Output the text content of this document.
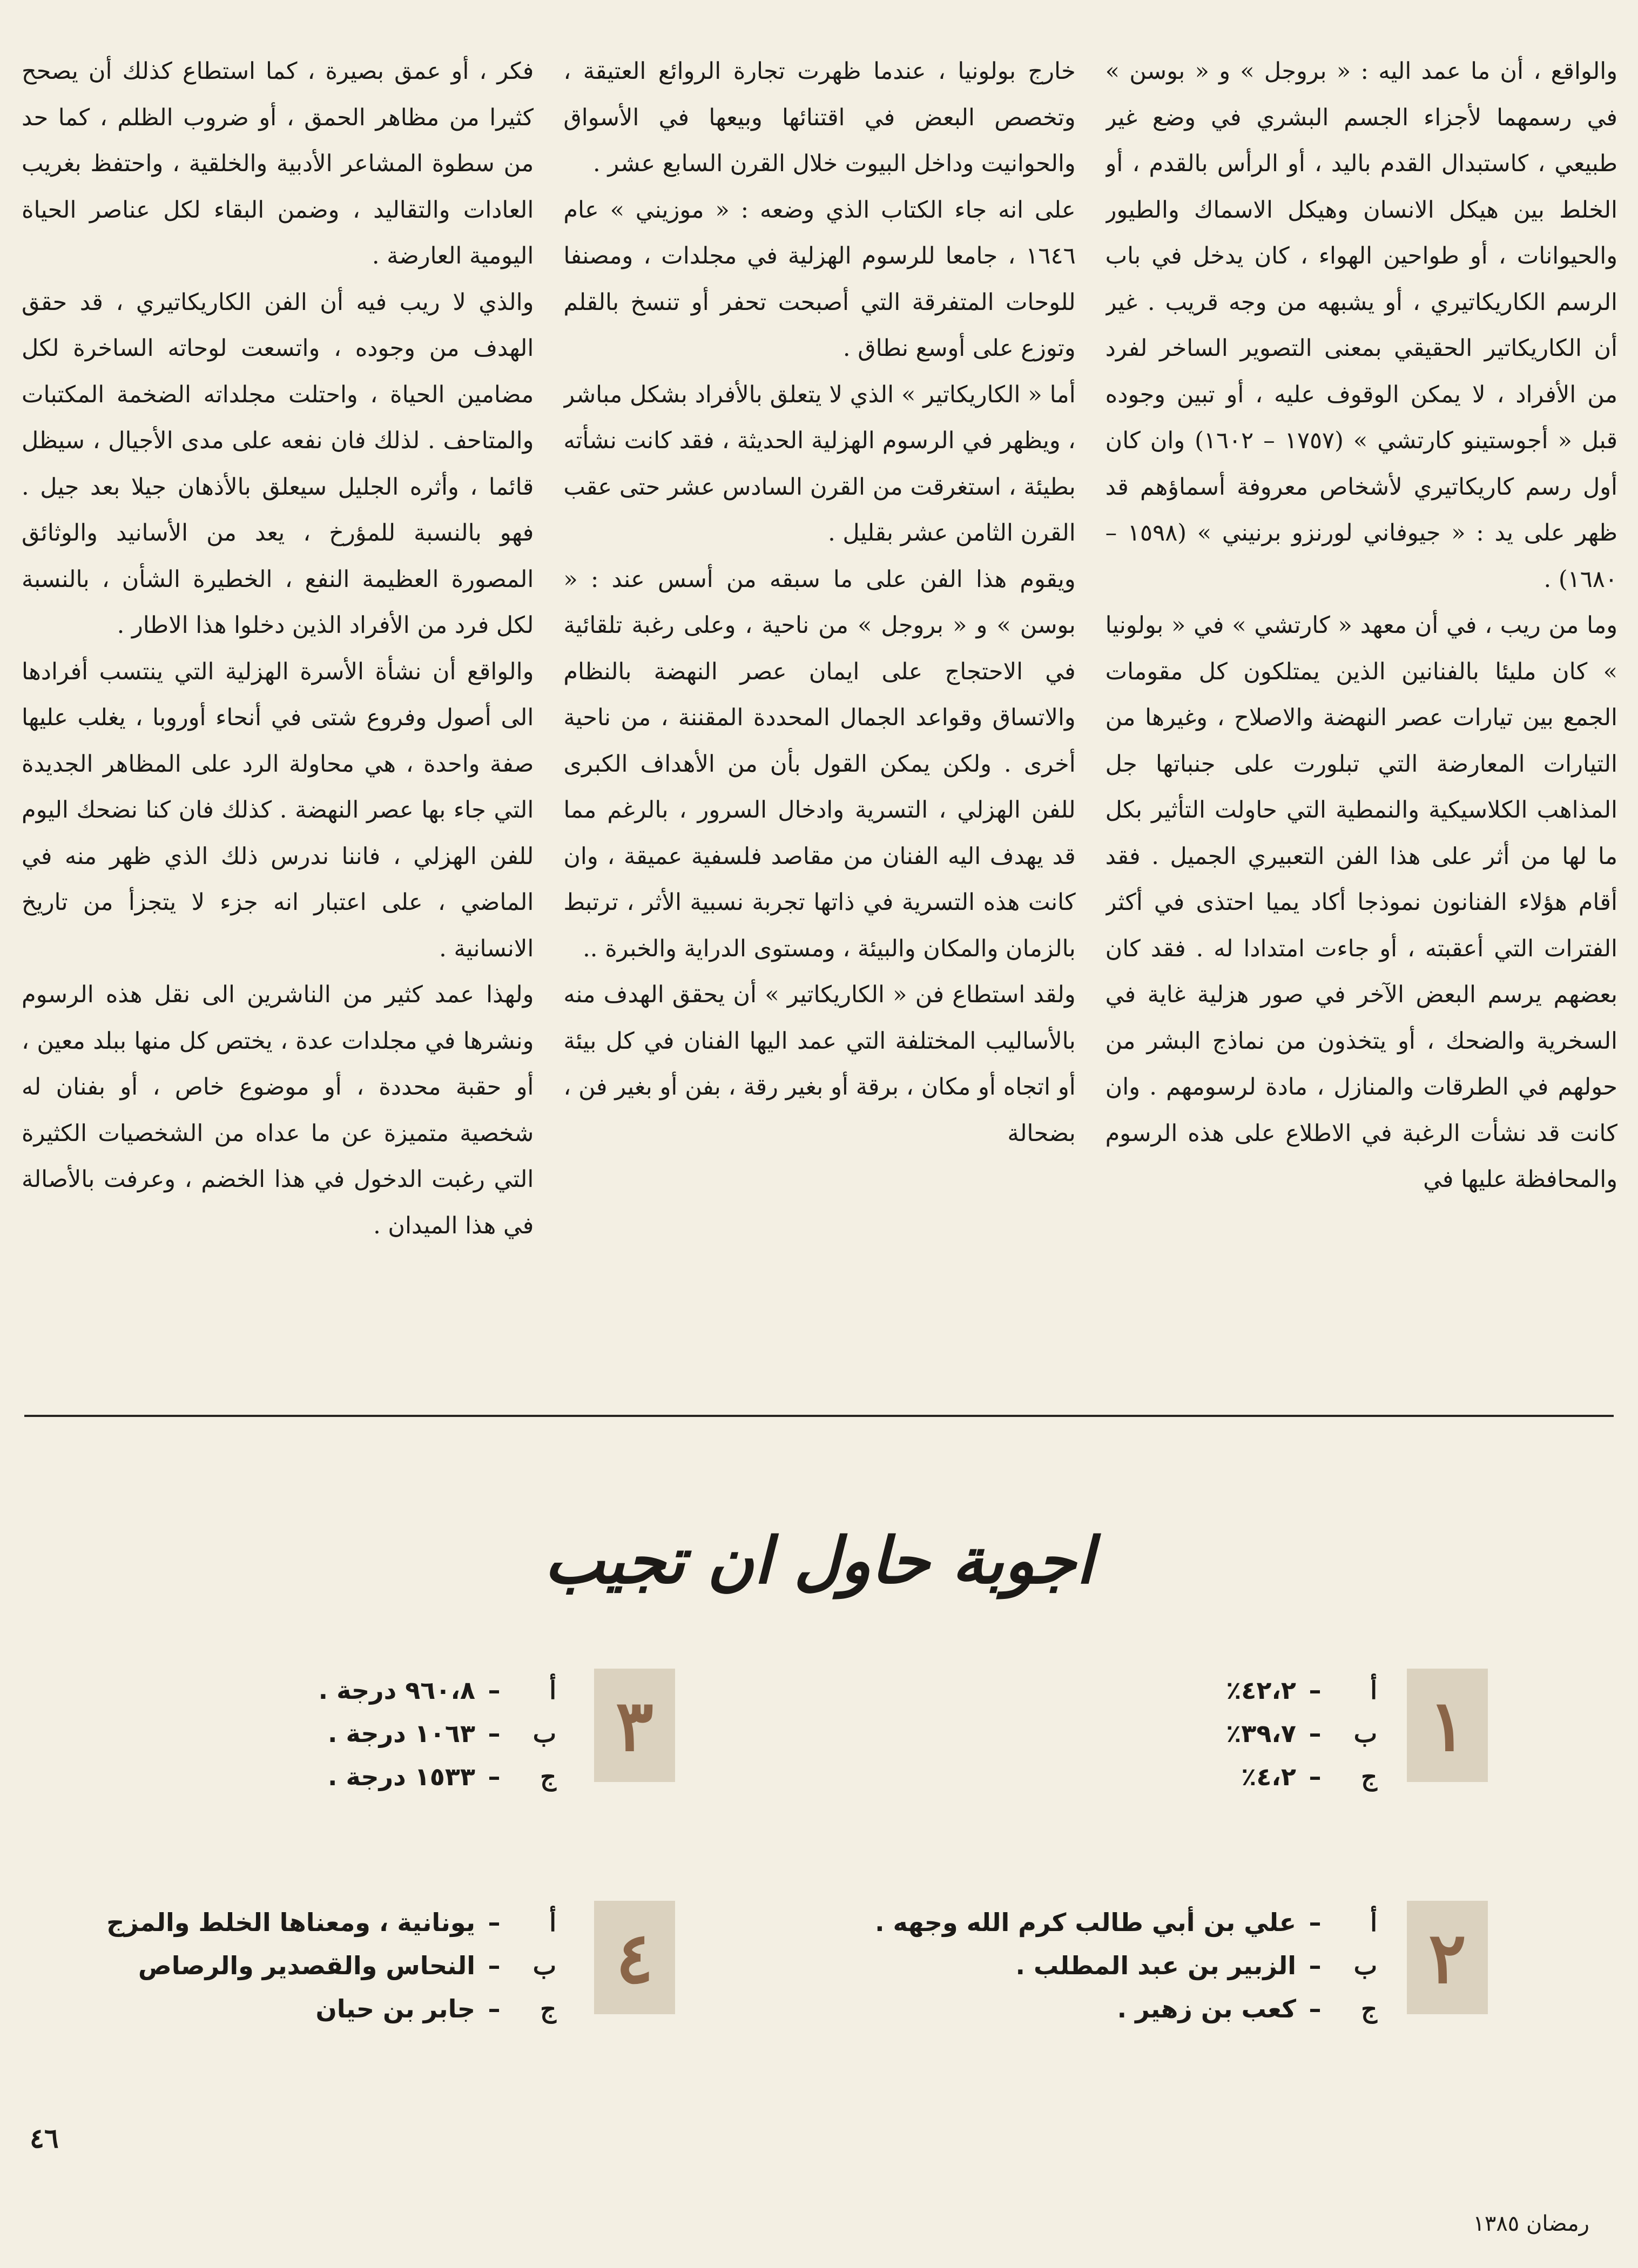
والواقع ، أن ما عمد اليه : « بروجل » و « بوسن » في رسمهما لأجزاء الجسم البشري في وضع غير طبيعي ، كاستبدال القدم باليد ، أو الرأس بالقدم ، أو الخلط بين هيكل الانسان وهيكل الاسماك والطيور والحيوانات ، أو طواحين الهواء ، كان يدخل في باب الرسم الكاريكاتيري ، أو يشبهه من وجه قريب . غير أن الكاريكاتير الحقيقي بمعنى التصوير الساخر لفرد من الأفراد ، لا يمكن الوقوف عليه ، أو تبين وجوده قبل « أجوستينو كارتشي » (١٧٥٧ – ١٦٠٢) وان كان أول رسم كاريكاتيري لأشخاص معروفة أسماؤهم قد ظهر على يد : « جيوفاني لورنزو برنيني » (١٥٩٨ – ١٦٨٠) .

وما من ريب ، في أن معهد « كارتشي » في « بولونيا » كان مليئا بالفنانين الذين يمتلكون كل مقومات الجمع بين تيارات عصر النهضة والاصلاح ، وغيرها من التيارات المعارضة التي تبلورت على جنباتها جل المذاهب الكلاسيكية والنمطية التي حاولت التأثير بكل ما لها من أثر على هذا الفن التعبيري الجميل . فقد أقام هؤلاء الفنانون نموذجا أكاد يميا احتذى في أكثر الفترات التي أعقبته ، أو جاءت امتدادا له . فقد كان بعضهم يرسم البعض الآخر في صور هزلية غاية في السخرية والضحك ، أو يتخذون من نماذج البشر من حولهم في الطرقات والمنازل ، مادة لرسومهم . وان كانت قد نشأت الرغبة في الاطلاع على هذه الرسوم والمحافظة عليها في

خارج بولونيا ، عندما ظهرت تجارة الروائع العتيقة ، وتخصص البعض في اقتنائها وبيعها في الأسواق والحوانيت وداخل البيوت خلال القرن السابع عشر .

على انه جاء الكتاب الذي وضعه : « موزيني » عام ١٦٤٦ ، جامعا للرسوم الهزلية في مجلدات ، ومصنفا للوحات المتفرقة التي أصبحت تحفر أو تنسخ بالقلم وتوزع على أوسع نطاق .

أما « الكاريكاتير » الذي لا يتعلق بالأفراد بشكل مباشر ، ويظهر في الرسوم الهزلية الحديثة ، فقد كانت نشأته بطيئة ، استغرقت من القرن السادس عشر حتى عقب القرن الثامن عشر بقليل .

ويقوم هذا الفن على ما سبقه من أسس عند : « بوسن » و « بروجل » من ناحية ، وعلى رغبة تلقائية في الاحتجاج على ايمان عصر النهضة بالنظام والاتساق وقواعد الجمال المحددة المقننة ، من ناحية أخرى . ولكن يمكن القول بأن من الأهداف الكبرى للفن الهزلي ، التسرية وادخال السرور ، بالرغم مما قد يهدف اليه الفنان من مقاصد فلسفية عميقة ، وان كانت هذه التسرية في ذاتها تجربة نسبية الأثر ، ترتبط بالزمان والمكان والبيئة ، ومستوى الدراية والخبرة ..

ولقد استطاع فن « الكاريكاتير » أن يحقق الهدف منه بالأساليب المختلفة التي عمد اليها الفنان في كل بيئة أو اتجاه أو مكان ، برقة أو بغير رقة ، بفن أو بغير فن ، بضحالة

فكر ، أو عمق بصيرة ، كما استطاع كذلك أن يصحح كثيرا من مظاهر الحمق ، أو ضروب الظلم ، كما حد من سطوة المشاعر الأدبية والخلقية ، واحتفظ بغريب العادات والتقاليد ، وضمن البقاء لكل عناصر الحياة اليومية العارضة .

والذي لا ريب فيه أن الفن الكاريكاتيري ، قد حقق الهدف من وجوده ، واتسعت لوحاته الساخرة لكل مضامين الحياة ، واحتلت مجلداته الضخمة المكتبات والمتاحف . لذلك فان نفعه على مدى الأجيال ، سيظل قائما ، وأثره الجليل سيعلق بالأذهان جيلا بعد جيل . فهو بالنسبة للمؤرخ ، يعد من الأسانيد والوثائق المصورة العظيمة النفع ، الخطيرة الشأن ، بالنسبة لكل فرد من الأفراد الذين دخلوا هذا الاطار .

والواقع أن نشأة الأسرة الهزلية التي ينتسب أفرادها الى أصول وفروع شتى في أنحاء أوروبا ، يغلب عليها صفة واحدة ، هي محاولة الرد على المظاهر الجديدة التي جاء بها عصر النهضة . كذلك فان كنا نضحك اليوم للفن الهزلي ، فاننا ندرس ذلك الذي ظهر منه في الماضي ، على اعتبار انه جزء لا يتجزأ من تاريخ الانسانية .

ولهذا عمد كثير من الناشرين الى نقل هذه الرسوم ونشرها في مجلدات عدة ، يختص كل منها ببلد معين ، أو حقبة محددة ، أو موضوع خاص ، أو بفنان له شخصية متميزة عن ما عداه من الشخصيات الكثيرة التي رغبت الدخول في هذا الخضم ، وعرفت بالأصالة في هذا الميدان .

اجوبة حاول ان تجيب
١
أ
–
٤٢،٢٪
ب
–
٣٩،٧٪
ج
–
٤،٢٪
٣
أ
–
٩٦٠،٨ درجة .
ب
–
١٠٦٣ درجة .
ج
–
١٥٣٣ درجة .
٢
أ
–
علي بن أبي طالب كرم الله وجهه .
ب
–
الزبير بن عبد المطلب .
ج
–
كعب بن زهير .
٤
أ
–
يونانية ، ومعناها الخلط والمزج
ب
–
النحاس والقصدير والرصاص
ج
–
جابر بن حيان
٤٦
رمضان ١٣٨٥
